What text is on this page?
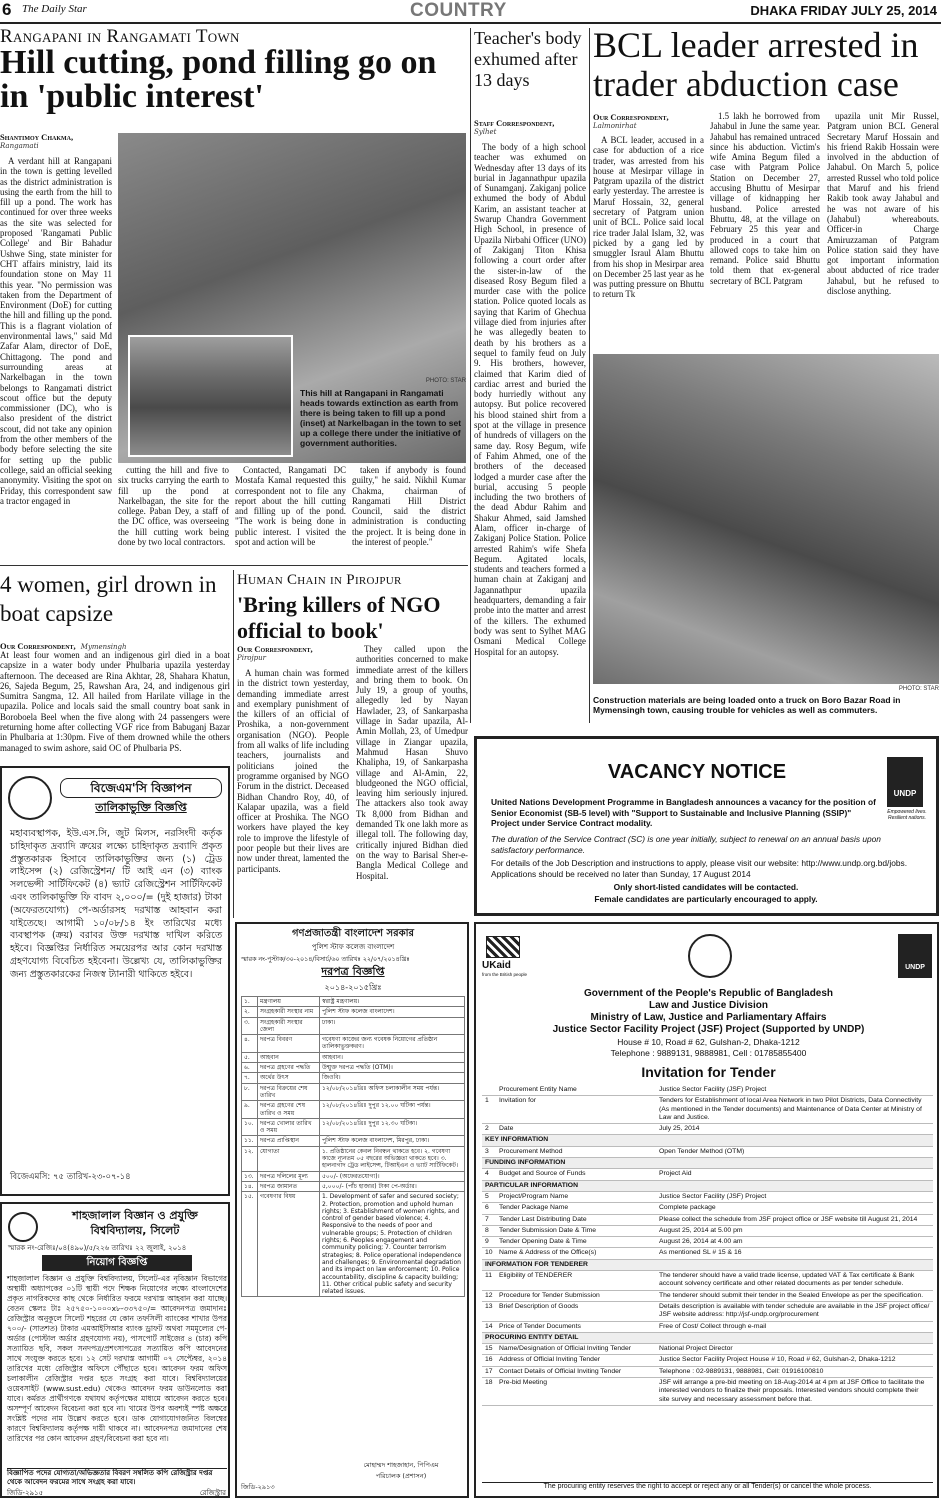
6 The Daily Star	COUNTRY	DHAKA FRIDAY JULY 25, 2014
Rangapani in Rangamati Town
Hill cutting, pond filling go on in 'public interest'
Shantimoy Chakma,
Rangamati
A verdant hill at Rangapani in the town is getting levelled as the district administration is using the earth from the hill to fill up a pond. The work has continued for over three weeks as the site was selected for proposed 'Rangamati Public College' and Bir Bahadur Ushwe Sing, state minister for CHT affairs ministry, laid its foundation stone on May 11 this year. "No permission was taken from the Department of Environment (DoE) for cutting the hill and filling up the pond. This is a flagrant violation of environmental laws," said Md Zafar Alam, director of DoE, Chittagong. The pond and surrounding areas at Narkelbagan in the town belongs to Rangamati district scout office but the deputy commissioner (DC), who is also president of the district scout, did not take any opinion from the other members of the body before selecting the site for setting up the public college, said an official seeking anonymity. Visiting the spot on Friday, this correspondent saw a tractor engaged in
PHOTO: STAR
This hill at Rangapani in Rangamati heads towards extinction as earth from there is being taken to fill up a pond (inset) at Narkelbagan in the town to set up a college there under the initiative of government authorities.
cutting the hill and five to six trucks carrying the earth to fill up the pond at Narkelbagan, the site for the college. Paban Dey, a staff of the DC office, was overseeing the hill cutting work being done by two local contractors.
Contacted, Rangamati DC Mostafa Kamal requested this correspondent not to file any report about the hill cutting and filling up of the pond. "The work is being done in public interest. I visited the spot and action will be
taken if anybody is found guilty," he said. Nikhil Kumar Chakma, chairman of Rangamati Hill District Council, said the district administration is conducting the project. It is being done in the interest of people."
Teacher's body exhumed after 13 days
Staff Correspondent,
Sylhet
The body of a high school teacher was exhumed on Wednesday after 13 days of its burial in Jagannathpur upazila of Sunamganj. Zakiganj police exhumed the body of Abdul Karim, an assistant teacher at Swarup Chandra Government High School, in presence of Upazila Nirbahi Officer (UNO) of Zakiganj Titon Khisa following a court order after the sister-in-law of the diseased Rosy Begum filed a murder case with the police station. Police quoted locals as saying that Karim of Ghechua village died from injuries after he was allegedly beaten to death by his brothers as a sequel to family feud on July 9. His brothers, however, claimed that Karim died of cardiac arrest and buried the body hurriedly without any autopsy. But police recovered his blood stained shirt from a spot at the village in presence of hundreds of villagers on the same day. Rosy Begum, wife of Fahim Ahmed, one of the brothers of the deceased lodged a murder case after the burial, accusing 5 people including the two brothers of the dead Abdur Rahim and Shakur Ahmed, said Jamshed Alam, officer in-charge of Zakiganj Police Station. Police arrested Rahim's wife Shefa Begum. Agitated locals, students and teachers formed a human chain at Zakiganj and Jagannathpur upazila headquarters, demanding a fair probe into the matter and arrest of the killers. The exhumed body was sent to Sylhet MAG Osmani Medical College Hospital for an autopsy.
BCL leader arrested in trader abduction case
Our Correspondent,
Lalmonirhat
A BCL leader, accused in a case for abduction of a rice trader, was arrested from his house at Mesirpar village in Patgram upazila of the district early yesterday. The arrestee is Maruf Hossain, 32, general secretary of Patgram union unit of BCL. Police said local rice trader Jalal Islam, 32, was picked by a gang led by smuggler Israul Alam Bhuttu from his shop in Mesirpar area on December 25 last year as he was putting pressure on Bhuttu to return Tk
1.5 lakh he borrowed from Jahabul in June the same year. Jahabul has remained untraced since his abduction. Victim's wife Amina Begum filed a case with Patgram Police Station on December 27, accusing Bhuttu of Mesirpar village of kidnapping her husband. Police arrested Bhuttu, 48, at the village on February 25 this year and produced in a court that allowed cops to take him on remand. Police said Bhuttu told them that ex-general secretary of BCL Patgram
upazila unit Mir Russel, Patgram union BCL General Secretary Maruf Hossain and his friend Rakib Hossain were involved in the abduction of Jahabul. On March 5, police arrested Russel who told police that Maruf and his friend Rakib took away Jahabul and he was not aware of his (Jahabul) whereabouts. Officer-in Charge Amiruzzaman of Patgram Police station said they have got important information about abducted of rice trader Jahabul, but he refused to disclose anything.
PHOTO: STAR
Construction materials are being loaded onto a truck on Boro Bazar Road in Mymensingh town, causing trouble for vehicles as well as commuters.
4 women, girl drown in boat capsize
Our Correspondent, Mymensingh
At least four women and an indigenous girl died in a boat capsize in a water body under Phulbaria upazila yesterday afternoon. The deceased are Rina Akhtar, 28, Shahara Khatun, 26, Sajeda Begum, 25, Rawshan Ara, 24, and indigenous girl Sumitra Sangma, 12. All hailed from Harilate village in the upazila. Police and locals said the small country boat sank in Boroboela Beel when the five along with 24 passengers were returning home after collecting VGF rice from Babuganj Bazar in Phulbaria at 1:30pm. Five of them drowned while the others managed to swim ashore, said OC of Phulbaria PS.
Human Chain in Pirojpur
'Bring killers of NGO official to book'
Our Correspondent,
Pirojpur
A human chain was formed in the district town yesterday, demanding immediate arrest and exemplary punishment of the killers of an official of Proshika, a non-government organisation (NGO). People from all walks of life including teachers, journalists and politicians joined the programme organised by NGO Forum in the district. Deceased Bidhan Chandro Roy, 40, of Kalapar upazila, was a field officer at Proshika. The NGO workers have played the key role to improve the lifestyle of poor people but their lives are now under threat, lamented the participants.
They called upon the authorities concerned to make immediate arrest of the killers and bring them to book. On July 19, a group of youths, allegedly led by Nayan Hawlader, 23, of Sankarpasha village in Sadar upazila, Al-Amin Mollah, 23, of Umedpur village in Ziangar upazila, Mahmud Hasan Shuvo Khalipha, 19, of Sankarpasha village and Al-Amin, 22, bludgeoned the NGO official, leaving him seriously injured. The attackers also took away Tk 8,000 from Bidhan and demanded Tk one lakh more as illegal toll. The following day, critically injured Bidhan died on the way to Barisal Sher-e-Bangla Medical College and Hospital.
বিজেএম'সি বিজ্ঞাপন
তালিকাভুক্তি বিজ্ঞপ্তি
মহাব্যবস্থাপক, ইউ.এস.সি, জুট মিলস, নরসিংদী কর্তৃক চাহিদাকৃত দ্রব্যাদি ক্রয়ের লক্ষ্যে চাহিদাকৃত দ্রব্যাদি প্রকৃত প্রস্তুতকারক হিসাবে তালিকাভুক্তির জন্য (১) ট্রেড লাইসেন্স (২) রেজিস্ট্রেশন/ টি আই এন (৩) ব্যাংক সলভেন্সী সার্টিফিকেট (৪) ভ্যাট রেজিস্ট্রেশন সার্টিফিকেট এবং তালিকাভুক্তি ফি বাবদ ২,০০০/= (দুই হাজার) টাকা (অফেরতযোগ্য) পে-অর্ডারসহ দরখাস্ত আহবান করা যাইতেছে। আগামী ১০/০৮/১৪ ইং তারিখের মধ্যে ব্যবস্থাপক (ক্রয়) বরাবর উক্ত দরখাস্ত দাখিল করিতে হইবে। বিজ্ঞপ্তির নির্ধারিত সময়েরপর আর কোন দরখাস্ত গ্রহণযোগ্য বিবেচিত হইবেনা। উল্লেখ্য যে, তালিকাভুক্তির জন্য প্রস্তুতকারকের নিজস্ব ট্যানারী থাকিতে হইবে।
বিজেএমসি: ৭৫ তারিখ-২৩-০৭-১৪
শাহজালাল বিজ্ঞান ও প্রযুক্তি বিশ্ববিদ্যালয়, সিলেট
স্মারক নং-রেজিঃ/০৪(৪৯০)/৫/২২৬ তারিখঃ ২২ জুলাই, ২০১৪
নিয়োগ বিজ্ঞপ্তি
শাহজালাল বিজ্ঞান ও প্রযুক্তি বিশ্ববিদ্যালয়, সিলেট-এর নৃবিজ্ঞান বিভাগের অস্থায়ী অধ্যাপকের ০১টি স্থায়ী পদে শিক্ষক নিয়োগের লক্ষ্যে বাংলাদেশের প্রকৃত নাগরিকদের কাছ থেকে নির্ধারিত ফরমে দরখাস্ত আহবান করা যাচ্ছে। বেতন স্কেলঃ টাঃ ২৫৭৫০-১০০০x৮-৩৩৭৫০/= আবেদনপত্র জমাদানঃ রেজিস্ট্রার অনুকূলে সিলেট শহরের যে কোন তফসিলী ব্যাংকের শাখার উপর ৭০০/- (সাতশত) টাকার এমআইসিআর ব্যাংক ড্রাফট অথবা সমমূল্যের পে-অর্ডার (পোস্টাল অর্ডার গ্রহণযোগ্য নয়), পাসপোর্ট সাইজের ৪ (চার) কপি সত্যায়িত ছবি, সকল সনদপত্র/প্রশংসাপত্রের সত্যায়িত কপি আবেদনের সাথে সংযুক্ত করতে হবে। ১২ সেট দরখাস্ত আগামী ০৭ সেপ্টেম্বর, ২০১৪ তারিখের মধ্যে রেজিস্ট্রার অফিসে পৌঁছাতে হবে। আবেদন ফরম অফিস চলাকালীন রেজিস্ট্রার দপ্তর হতে সংগ্রহ করা যাবে। বিশ্ববিদ্যালয়ের ওয়েবসাইট (www.sust.edu) থেকেও আবেদন ফরম ডাউনলোড করা যাবে। কর্মরত প্রার্থীগণকে যথাযথ কর্তৃপক্ষের মাধ্যমে আবেদন করতে হবে। অসম্পূর্ণ আবেদন বিবেচনা করা হবে না। খামের উপর অবশ্যই স্পষ্ট অক্ষরে সংশ্লিষ্ট পদের নাম উল্লেখ করতে হবে। ডাক যোগাযোগজনিত বিলম্বের কারণে বিশ্ববিদ্যালয় কর্তৃপক্ষ দায়ী থাকবে না। আবেদনপত্র জমাদানের শেষ তারিখের পর কোন আবেদন গ্রহণ/বিবেচনা করা হবে না।
বিজ্ঞাপিত পদের যোগ্যতা/অভিজ্ঞতার বিবরণ সম্বলিত কপি রেজিস্ট্রার দপ্তর থেকে আবেদন ফরমের সাথে সংগ্রহ করা যাবে।
জিডি-২৯১৫	রেজিস্ট্রার
গণপ্রজাতন্ত্রী বাংলাদেশ সরকার
পুলিশ স্টাফ কলেজ বাংলাদেশ
স্মারক নং-পুস্টাক/৩০-২০১৪/বিসার্চ/৬০ তারিখঃ ২২/০৭/২০১৪খ্রিঃ
দরপত্র বিজ্ঞপ্তি
২০১৪-২০১৫খ্রিঃ
১.	মন্ত্রণালয়	স্বরাষ্ট্র মন্ত্রণালয়।
২.	সংগ্রহকারী সংস্থার নাম	পুলিশ স্টাফ কলেজ বাংলাদেশ।
৩.	সংগ্রহকারী সংস্থার জেলা	ঢাকা।
৪.	দরপত্র বিবরণ	গবেষণা কাজের জন্য গবেষক নিয়োগের প্রতিষ্ঠান তালিকাভুক্তকরণ।
৫.	আহবান	আহবান।
৬.	দরপত্র গ্রহণের পদ্ধতি	উন্মুক্ত দরপত্র পদ্ধতি (OTM)।
৭.	অর্থের উৎস	জিওবি।
৮.	দরপত্র বিক্রয়ের শেষ তারিখ	১২/০৮/২০১৪খ্রিঃ অফিস চলাকালীন সময় পর্যন্ত।
৯.	দরপত্র গ্রহণের শেষ তারিখ ও সময়	১২/০৮/২০১৪খ্রিঃ দুপুর ১২.০০ ঘটিকা পর্যন্ত।
১০.	দরপত্র খোলার তারিখ ও সময়	১২/০৮/২০১৪খ্রিঃ দুপুর ১২.৩০ ঘটিকা।
১১.	দরপত্র প্রাপ্তিস্থান	পুলিশ স্টাফ কলেজ বাংলাদেশ, মিরপুর, ঢাকা।
১২.	যোগ্যতা	১. প্রতিষ্ঠানের কেবল নিবন্ধন থাকতে হবে। ২. গবেষণা কাজে ন্যূনতম ০৫ বছরের অভিজ্ঞতা থাকতে হবে। ৩. হালনাগাদ ট্রেড লাইসেন্স, টিআইএন ও ভ্যাট সার্টিফিকেট।
১৩.	দরপত্র দলিলের মূল্য	৫০০/- (অফেরতযোগ্য)।
১৪.	দরপত্র জামানত	৫,০০০/- (পাঁচ হাজার) টাকা পে-অর্ডার।
১৫.	গবেষণার বিষয়	1. Development of safer and secured society; 2. Protection, promotion and uphold human rights; 3. Establishment of women rights, and control of gender based violence; 4. Responsive to the needs of poor and vulnerable groups; 5. Protection of children rights; 6. Peoples engagement and community policing; 7. Counter terrorism strategies; 8. Police operational independence and challenges; 9. Environmental degradation and its impact on law enforcement; 10. Police accountability, discipline & capacity building; 11. Other critical public safety and security related issues.
মোহাম্মদ শাহজাহান, পিপিএম
পরিচালক (প্রশাসন)
জিডি-২৯১৩
VACANCY NOTICE
UNDP
Empowered lives. Resilient nations.
United Nations Development Programme in Bangladesh announces a vacancy for the position of Senior Economist (SB-5 level) with "Support to Sustainable and Inclusive Planning (SSIP)" Project under Service Contract modality.
The duration of the Service Contract (SC) is one year initially, subject to renewal on an annual basis upon satisfactory performance.
For details of the Job Description and instructions to apply, please visit our website: http://www.undp.org.bd/jobs. Applications should be received no later than Sunday, 17 August 2014
Only short-listed candidates will be contacted.
Female candidates are particularly encouraged to apply.
UKaid
from the British people
UNDP
Government of the People's Republic of Bangladesh
Law and Justice Division
Ministry of Law, Justice and Parliamentary Affairs
Justice Sector Facility Project (JSF) Project (Supported by UNDP)
House # 10, Road # 62, Gulshan-2, Dhaka-1212
Telephone : 9889131, 9888981, Cell : 01785855400
Invitation for Tender
	Procurement Entity Name	Justice Sector Facility (JSF) Project
1	Invitation for	Tenders for Establishment of local Area Network in two Pilot Districts, Data Connectivity (As mentioned in the Tender documents) and Maintenance of Data Center at Ministry of Law and Justice.
2	Date	July 25, 2014
KEY INFORMATION		
3	Procurement Method	Open Tender Method (OTM)
FUNDING INFORMATION		
4	Budget and Source of Funds	Project Aid
PARTICULAR INFORMATION		
5	Project/Program Name	Justice Sector Facility (JSF) Project
6	Tender Package Name	Complete package
7	Tender Last Distributing Date	Please collect the schedule from JSF project office or JSF website till August 21, 2014
8	Tender Submission Date & Time	August 25, 2014 at 5.00 pm
9	Tender Opening Date & Time	August 26, 2014 at 4.00 am
10	Name & Address of the Office(s)	As mentioned SL # 15 & 16
INFORMATION FOR TENDERER		
11	Eligibility of TENDERER	The tenderer should have a valid trade license, updated VAT & Tax certificate & Bank account solvency certificate and other related documents as per tender schedule.
12	Procedure for Tender Submission	The tenderer should submit their tender in the Sealed Envelope as per the specification.
13	Brief Description of Goods	Details description is available with tender schedule are available in the JSF project office/ JSF website address: http://jsf-undp.org/procurement
14	Price of Tender Documents	Free of Cost/ Collect through e-mail
PROCURING ENTITY DETAIL		
15	Name/Designation of Official Inviting Tender	National Project Director
16	Address of Official Inviting Tender	Justice Sector Facility Project House # 10, Road # 62, Gulshan-2, Dhaka-1212
17	Contact Details of Official Inviting Tender	Telephone : 02-9889131, 9888981, Cell: 01916100810
18	Pre-bid Meeting	JSF will arrange a pre-bid meeting on 18-Aug-2014 at 4 pm at JSF Office to facilitate the interested vendors to finalize their proposals. Interested vendors should complete their site survey and necessary assessment before that.
The procuring entity reserves the right to accept or reject any or all Tender(s) or cancel the whole process.
